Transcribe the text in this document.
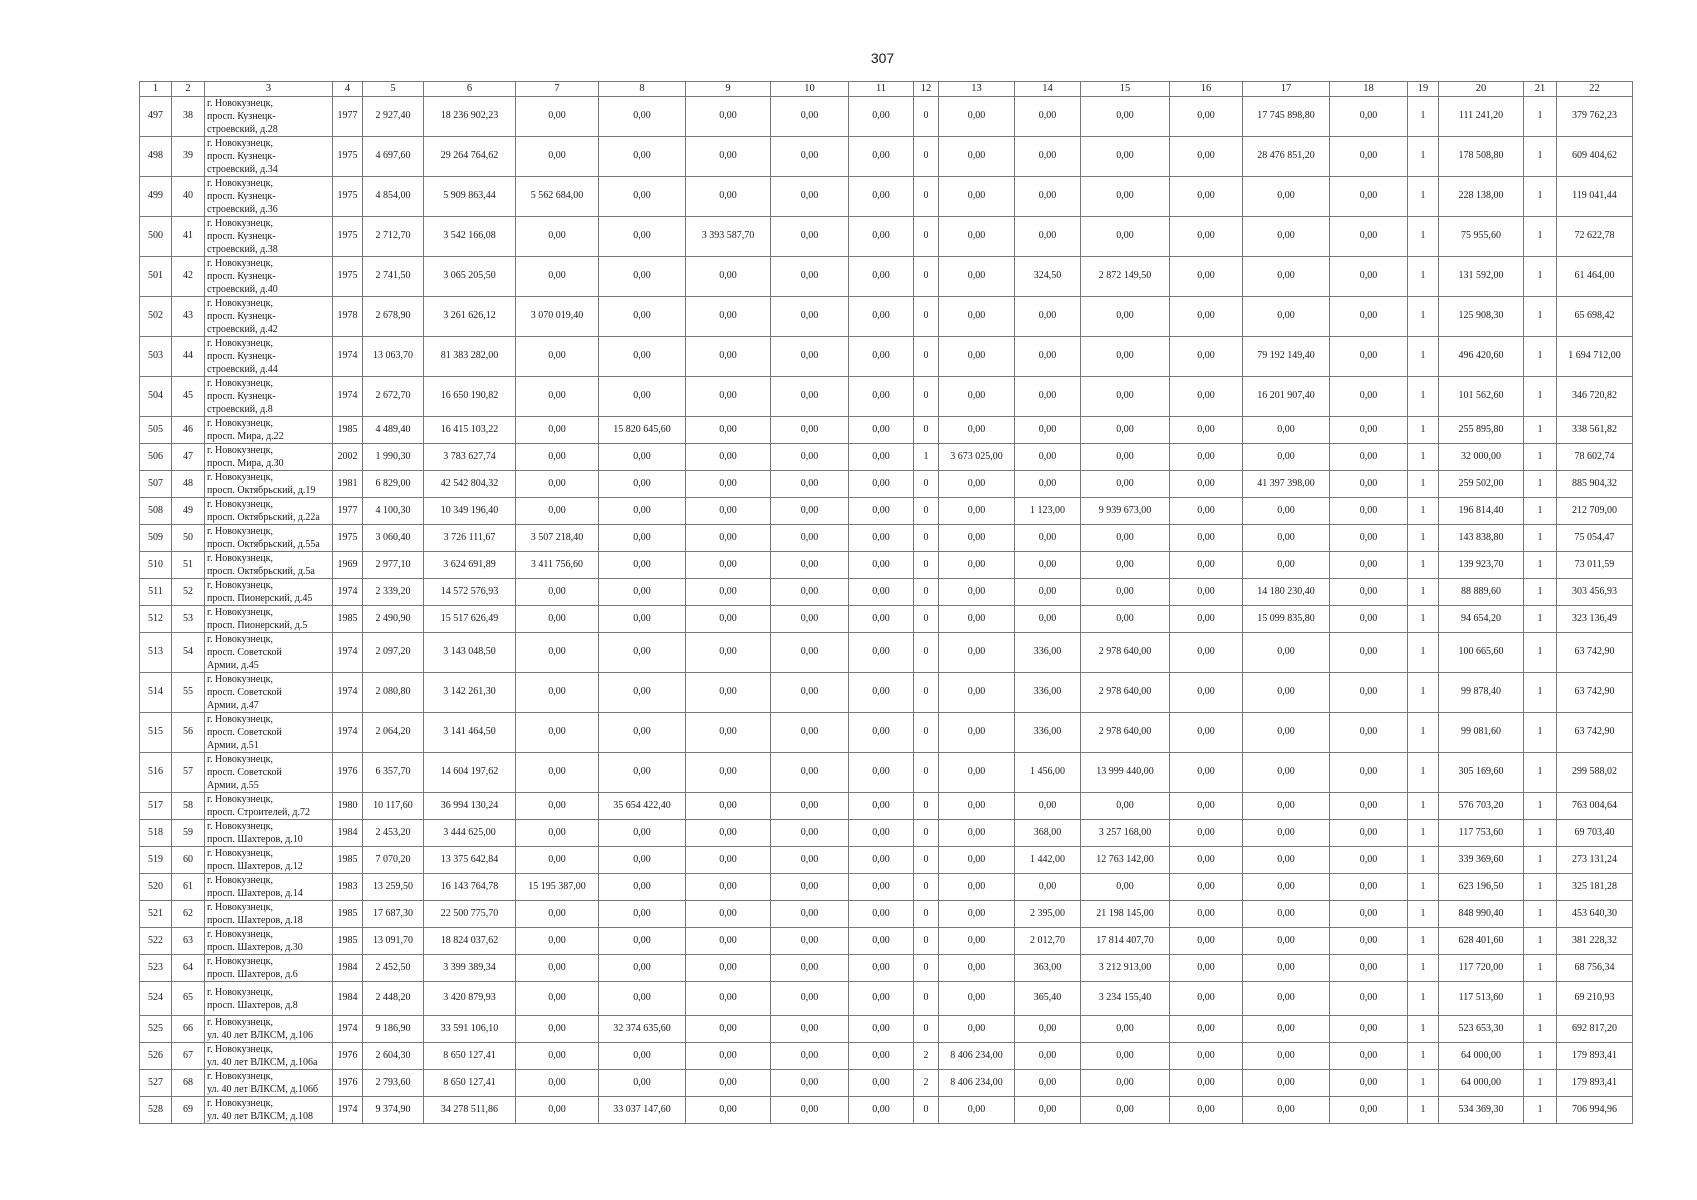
307
1	2	3	4	5	6	7	8	9	10	11	12	13	14	15	16	17	18	19	20	21	22
497	38	г. Новокузнецк,
просп. Кузнецк-
строевский, д.28	1977	2 927,40	18 236 902,23	0,00	0,00	0,00	0,00	0,00	0	0,00	0,00	0,00	0,00	17 745 898,80	0,00	1	111 241,20	1	379 762,23
498	39	г. Новокузнецк,
просп. Кузнецк-
строевский, д.34	1975	4 697,60	29 264 764,62	0,00	0,00	0,00	0,00	0,00	0	0,00	0,00	0,00	0,00	28 476 851,20	0,00	1	178 508,80	1	609 404,62
499	40	г. Новокузнецк,
просп. Кузнецк-
строевский, д.36	1975	4 854,00	5 909 863,44	5 562 684,00	0,00	0,00	0,00	0,00	0	0,00	0,00	0,00	0,00	0,00	0,00	1	228 138,00	1	119 041,44
500	41	г. Новокузнецк,
просп. Кузнецк-
строевский, д.38	1975	2 712,70	3 542 166,08	0,00	0,00	3 393 587,70	0,00	0,00	0	0,00	0,00	0,00	0,00	0,00	0,00	1	75 955,60	1	72 622,78
501	42	г. Новокузнецк,
просп. Кузнецк-
строевский, д.40	1975	2 741,50	3 065 205,50	0,00	0,00	0,00	0,00	0,00	0	0,00	324,50	2 872 149,50	0,00	0,00	0,00	1	131 592,00	1	61 464,00
502	43	г. Новокузнецк,
просп. Кузнецк-
строевский, д.42	1978	2 678,90	3 261 626,12	3 070 019,40	0,00	0,00	0,00	0,00	0	0,00	0,00	0,00	0,00	0,00	0,00	1	125 908,30	1	65 698,42
503	44	г. Новокузнецк,
просп. Кузнецк-
строевский, д.44	1974	13 063,70	81 383 282,00	0,00	0,00	0,00	0,00	0,00	0	0,00	0,00	0,00	0,00	79 192 149,40	0,00	1	496 420,60	1	1 694 712,00
504	45	г. Новокузнецк,
просп. Кузнецк-
строевский, д.8	1974	2 672,70	16 650 190,82	0,00	0,00	0,00	0,00	0,00	0	0,00	0,00	0,00	0,00	16 201 907,40	0,00	1	101 562,60	1	346 720,82
505	46	г. Новокузнецк,
просп. Мира, д.22	1985	4 489,40	16 415 103,22	0,00	15 820 645,60	0,00	0,00	0,00	0	0,00	0,00	0,00	0,00	0,00	0,00	1	255 895,80	1	338 561,82
506	47	г. Новокузнецк,
просп. Мира, д.30	2002	1 990,30	3 783 627,74	0,00	0,00	0,00	0,00	0,00	1	3 673 025,00	0,00	0,00	0,00	0,00	0,00	1	32 000,00	1	78 602,74
507	48	г. Новокузнецк,
просп. Октябрьский, д.19	1981	6 829,00	42 542 804,32	0,00	0,00	0,00	0,00	0,00	0	0,00	0,00	0,00	0,00	41 397 398,00	0,00	1	259 502,00	1	885 904,32
508	49	г. Новокузнецк,
просп. Октябрьский, д.22а	1977	4 100,30	10 349 196,40	0,00	0,00	0,00	0,00	0,00	0	0,00	1 123,00	9 939 673,00	0,00	0,00	0,00	1	196 814,40	1	212 709,00
509	50	г. Новокузнецк,
просп. Октябрьский, д.55а	1975	3 060,40	3 726 111,67	3 507 218,40	0,00	0,00	0,00	0,00	0	0,00	0,00	0,00	0,00	0,00	0,00	1	143 838,80	1	75 054,47
510	51	г. Новокузнецк,
просп. Октябрьский, д.5а	1969	2 977,10	3 624 691,89	3 411 756,60	0,00	0,00	0,00	0,00	0	0,00	0,00	0,00	0,00	0,00	0,00	1	139 923,70	1	73 011,59
511	52	г. Новокузнецк,
просп. Пионерский, д.45	1974	2 339,20	14 572 576,93	0,00	0,00	0,00	0,00	0,00	0	0,00	0,00	0,00	0,00	14 180 230,40	0,00	1	88 889,60	1	303 456,93
512	53	г. Новокузнецк,
просп. Пионерский, д.5	1985	2 490,90	15 517 626,49	0,00	0,00	0,00	0,00	0,00	0	0,00	0,00	0,00	0,00	15 099 835,80	0,00	1	94 654,20	1	323 136,49
513	54	г. Новокузнецк,
просп. Советской
Армии, д.45	1974	2 097,20	3 143 048,50	0,00	0,00	0,00	0,00	0,00	0	0,00	336,00	2 978 640,00	0,00	0,00	0,00	1	100 665,60	1	63 742,90
514	55	г. Новокузнецк,
просп. Советской
Армии, д.47	1974	2 080,80	3 142 261,30	0,00	0,00	0,00	0,00	0,00	0	0,00	336,00	2 978 640,00	0,00	0,00	0,00	1	99 878,40	1	63 742,90
515	56	г. Новокузнецк,
просп. Советской
Армии, д.51	1974	2 064,20	3 141 464,50	0,00	0,00	0,00	0,00	0,00	0	0,00	336,00	2 978 640,00	0,00	0,00	0,00	1	99 081,60	1	63 742,90
516	57	г. Новокузнецк,
просп. Советской
Армии, д.55	1976	6 357,70	14 604 197,62	0,00	0,00	0,00	0,00	0,00	0	0,00	1 456,00	13 999 440,00	0,00	0,00	0,00	1	305 169,60	1	299 588,02
517	58	г. Новокузнецк,
просп. Строителей, д.72	1980	10 117,60	36 994 130,24	0,00	35 654 422,40	0,00	0,00	0,00	0	0,00	0,00	0,00	0,00	0,00	0,00	1	576 703,20	1	763 004,64
518	59	г. Новокузнецк,
просп. Шахтеров, д.10	1984	2 453,20	3 444 625,00	0,00	0,00	0,00	0,00	0,00	0	0,00	368,00	3 257 168,00	0,00	0,00	0,00	1	117 753,60	1	69 703,40
519	60	г. Новокузнецк,
просп. Шахтеров, д.12	1985	7 070,20	13 375 642,84	0,00	0,00	0,00	0,00	0,00	0	0,00	1 442,00	12 763 142,00	0,00	0,00	0,00	1	339 369,60	1	273 131,24
520	61	г. Новокузнецк,
просп. Шахтеров, д.14	1983	13 259,50	16 143 764,78	15 195 387,00	0,00	0,00	0,00	0,00	0	0,00	0,00	0,00	0,00	0,00	0,00	1	623 196,50	1	325 181,28
521	62	г. Новокузнецк,
просп. Шахтеров, д.18	1985	17 687,30	22 500 775,70	0,00	0,00	0,00	0,00	0,00	0	0,00	2 395,00	21 198 145,00	0,00	0,00	0,00	1	848 990,40	1	453 640,30
522	63	г. Новокузнецк,
просп. Шахтеров, д.30	1985	13 091,70	18 824 037,62	0,00	0,00	0,00	0,00	0,00	0	0,00	2 012,70	17 814 407,70	0,00	0,00	0,00	1	628 401,60	1	381 228,32
523	64	г. Новокузнецк,
просп. Шахтеров, д.6	1984	2 452,50	3 399 389,34	0,00	0,00	0,00	0,00	0,00	0	0,00	363,00	3 212 913,00	0,00	0,00	0,00	1	117 720,00	1	68 756,34
524	65	г. Новокузнецк,
просп. Шахтеров, д.8	1984	2 448,20	3 420 879,93	0,00	0,00	0,00	0,00	0,00	0	0,00	365,40	3 234 155,40	0,00	0,00	0,00	1	117 513,60	1	69 210,93
525	66	г. Новокузнецк,
ул. 40 лет ВЛКСМ, д.106	1974	9 186,90	33 591 106,10	0,00	32 374 635,60	0,00	0,00	0,00	0	0,00	0,00	0,00	0,00	0,00	0,00	1	523 653,30	1	692 817,20
526	67	г. Новокузнецк,
ул. 40 лет ВЛКСМ, д.106а	1976	2 604,30	8 650 127,41	0,00	0,00	0,00	0,00	0,00	2	8 406 234,00	0,00	0,00	0,00	0,00	0,00	1	64 000,00	1	179 893,41
527	68	г. Новокузнецк,
ул. 40 лет ВЛКСМ, д.106б	1976	2 793,60	8 650 127,41	0,00	0,00	0,00	0,00	0,00	2	8 406 234,00	0,00	0,00	0,00	0,00	0,00	1	64 000,00	1	179 893,41
528	69	г. Новокузнецк,
ул. 40 лет ВЛКСМ, д.108	1974	9 374,90	34 278 511,86	0,00	33 037 147,60	0,00	0,00	0,00	0	0,00	0,00	0,00	0,00	0,00	0,00	1	534 369,30	1	706 994,96
